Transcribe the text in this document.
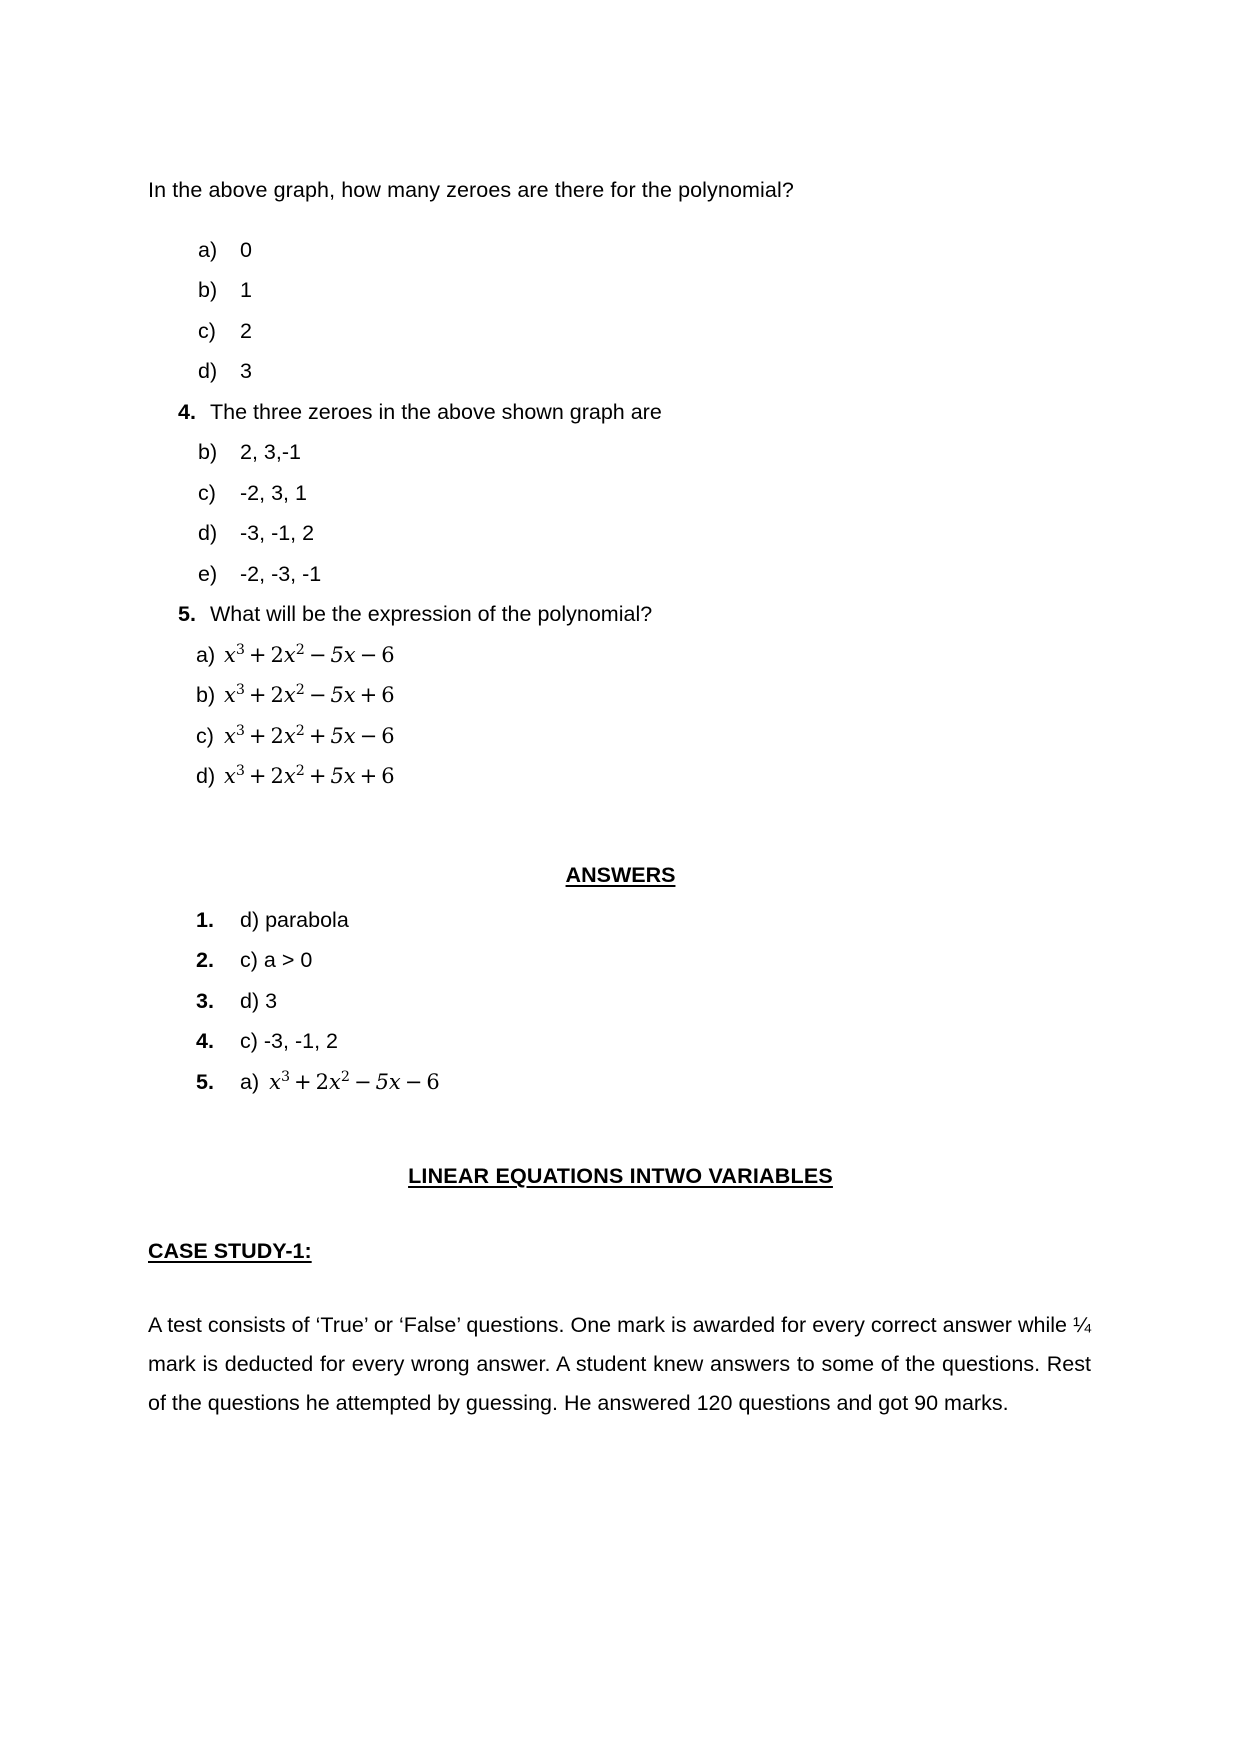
In the above graph, how many zeroes are there for the polynomial?

a)	0
b)	1
c)	2
d)	3
4. The three zeroes in the above shown graph are
b)	2, 3,-1
c)	-2, 3, 1
d)	-3, -1, 2
e)	-2, -3, -1
5. What will be the expression of the polynomial?
a) $x^3 + 2x^2 - 5x - 6$
b) $x^3 + 2x^2 - 5x + 6$
c) $x^3 + 2x^2 + 5x - 6$
d) $x^3 + 2x^2 + 5x + 6$

ANSWERS

1.	d) parabola
2.	c) a > 0
3.	d) 3
4.	c) -3, -1, 2
5.	a) $x^3 + 2x^2 - 5x - 6$

LINEAR EQUATIONS INTWO VARIABLES

CASE STUDY-1:

A test consists of ‘True’ or ‘False’ questions. One mark is awarded for every correct answer while ¼ mark is deducted for every wrong answer. A student knew answers to some of the questions. Rest of the questions he attempted by guessing. He answered 120 questions and got 90 marks.
